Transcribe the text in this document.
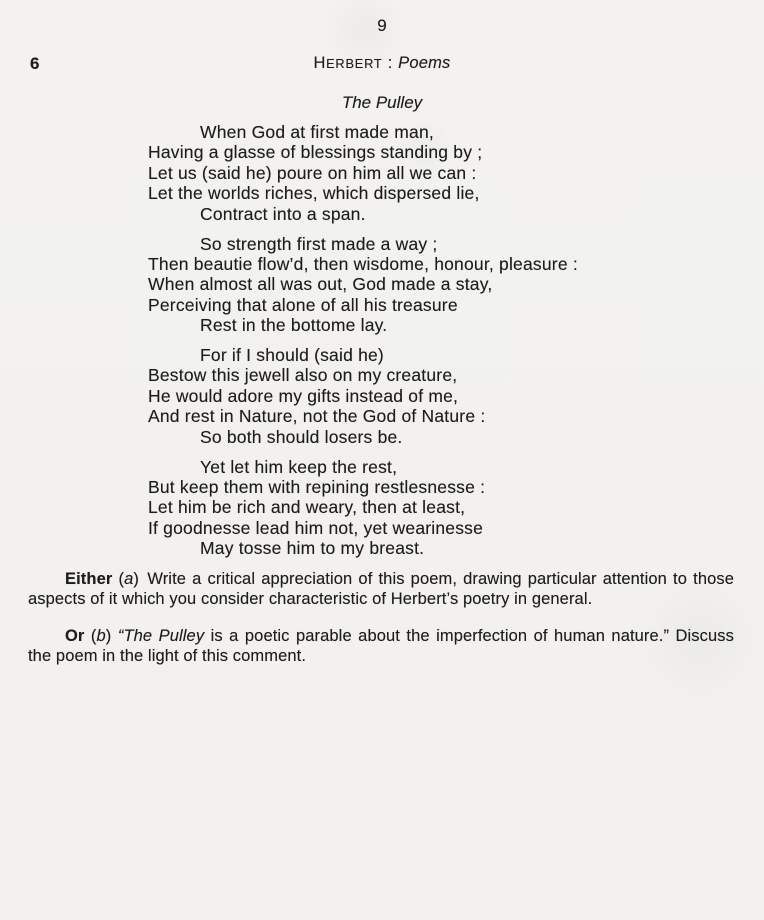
9
6	HERBERT : Poems
The Pulley
When God at first made man,
Having a glasse of blessings standing by ;
Let us (said he) poure on him all we can :
Let the worlds riches, which dispersed lie,
Contract into a span.
So strength first made a way ;
Then beautie flow’d, then wisdome, honour, pleasure :
When almost all was out, God made a stay,
Perceiving that alone of all his treasure
Rest in the bottome lay.
For if I should (said he)
Bestow this jewell also on my creature,
He would adore my gifts instead of me,
And rest in Nature, not the God of Nature :
So both should losers be.
Yet let him keep the rest,
But keep them with repining restlesnesse :
Let him be rich and weary, then at least,
If goodnesse lead him not, yet wearinesse
May tosse him to my breast.

Either (a) Write a critical appreciation of this poem, drawing particular attention to those aspects of it which you consider characteristic of Herbert’s poetry in general.

Or (b) “The Pulley is a poetic parable about the imperfection of human nature.” Discuss the poem in the light of this comment.
